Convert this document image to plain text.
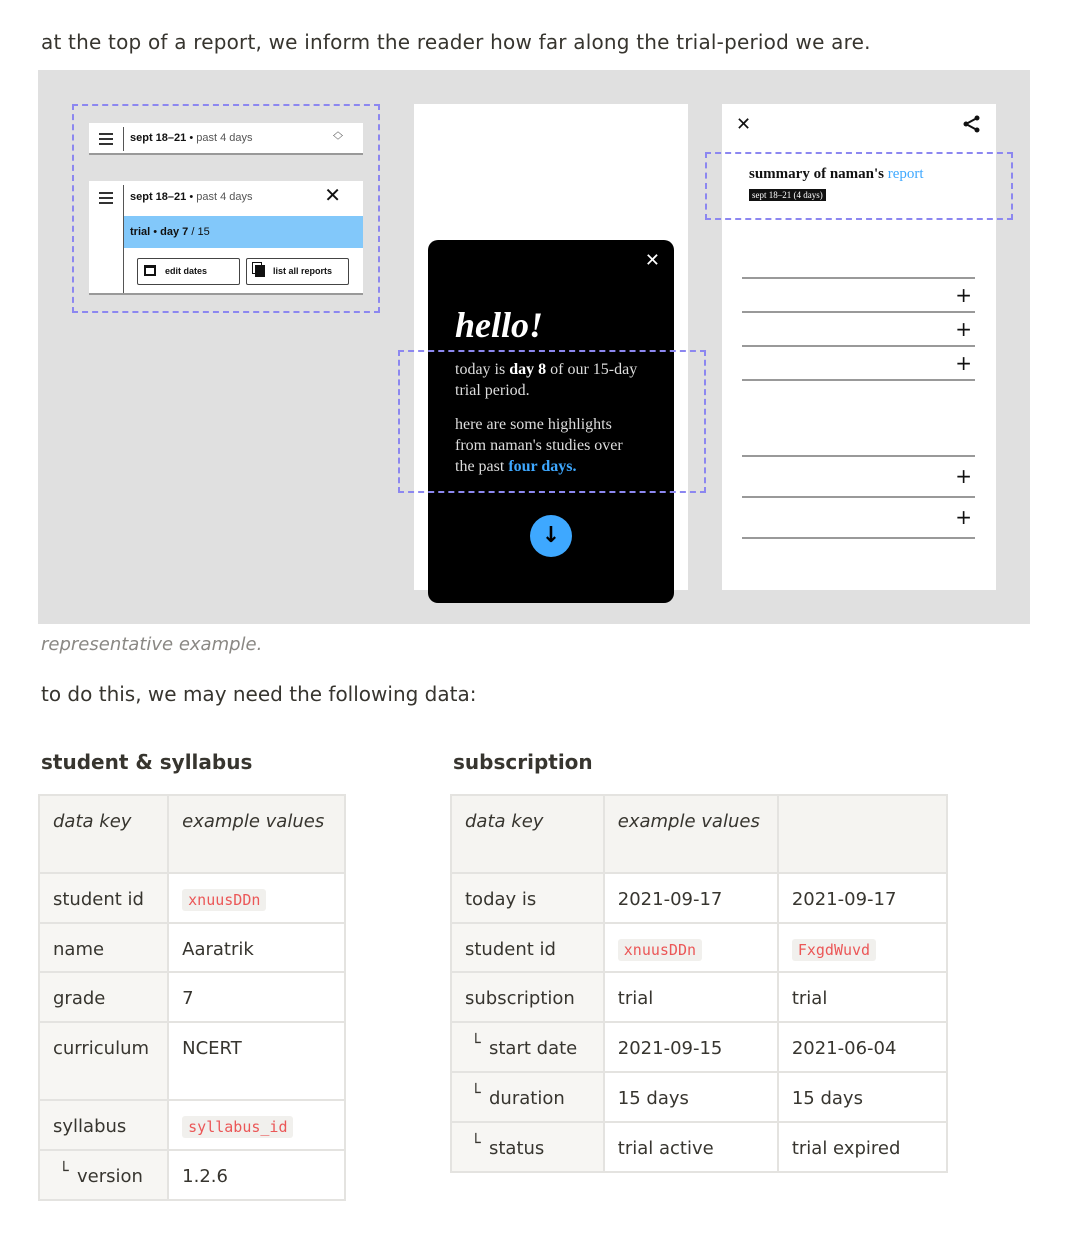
at the top of a report, we inform the reader how far along the trial-period we are.
sept 18–21 • past 4 days	︿
﹀
sept 18–21 • past 4 days	✕
trial • day 7 / 15
edit dates	list all reports	✕
hello!
today is day 8 of our 15-day trial period.
here are some highlights from naman's studies over the past four days.
↓
✕
summary of naman's report
sept 18–21 (4 days)
+
+
+
+
+
representative example.
to do this, we may need the following data:
student & syllabus
data key	example values
student id	xnuusDDn
name	Aaratrik
grade	7
curriculum	NCERT
syllabus	syllabus_id
└ version	1.2.6
subscription
data key	example values	
today is	2021-09-17	2021-09-17
student id	xnuusDDn	FxgdWuvd
subscription	trial	trial
└ start date	2021-09-15	2021-06-04
└ duration	15 days	15 days
└ status	trial active	trial expired
